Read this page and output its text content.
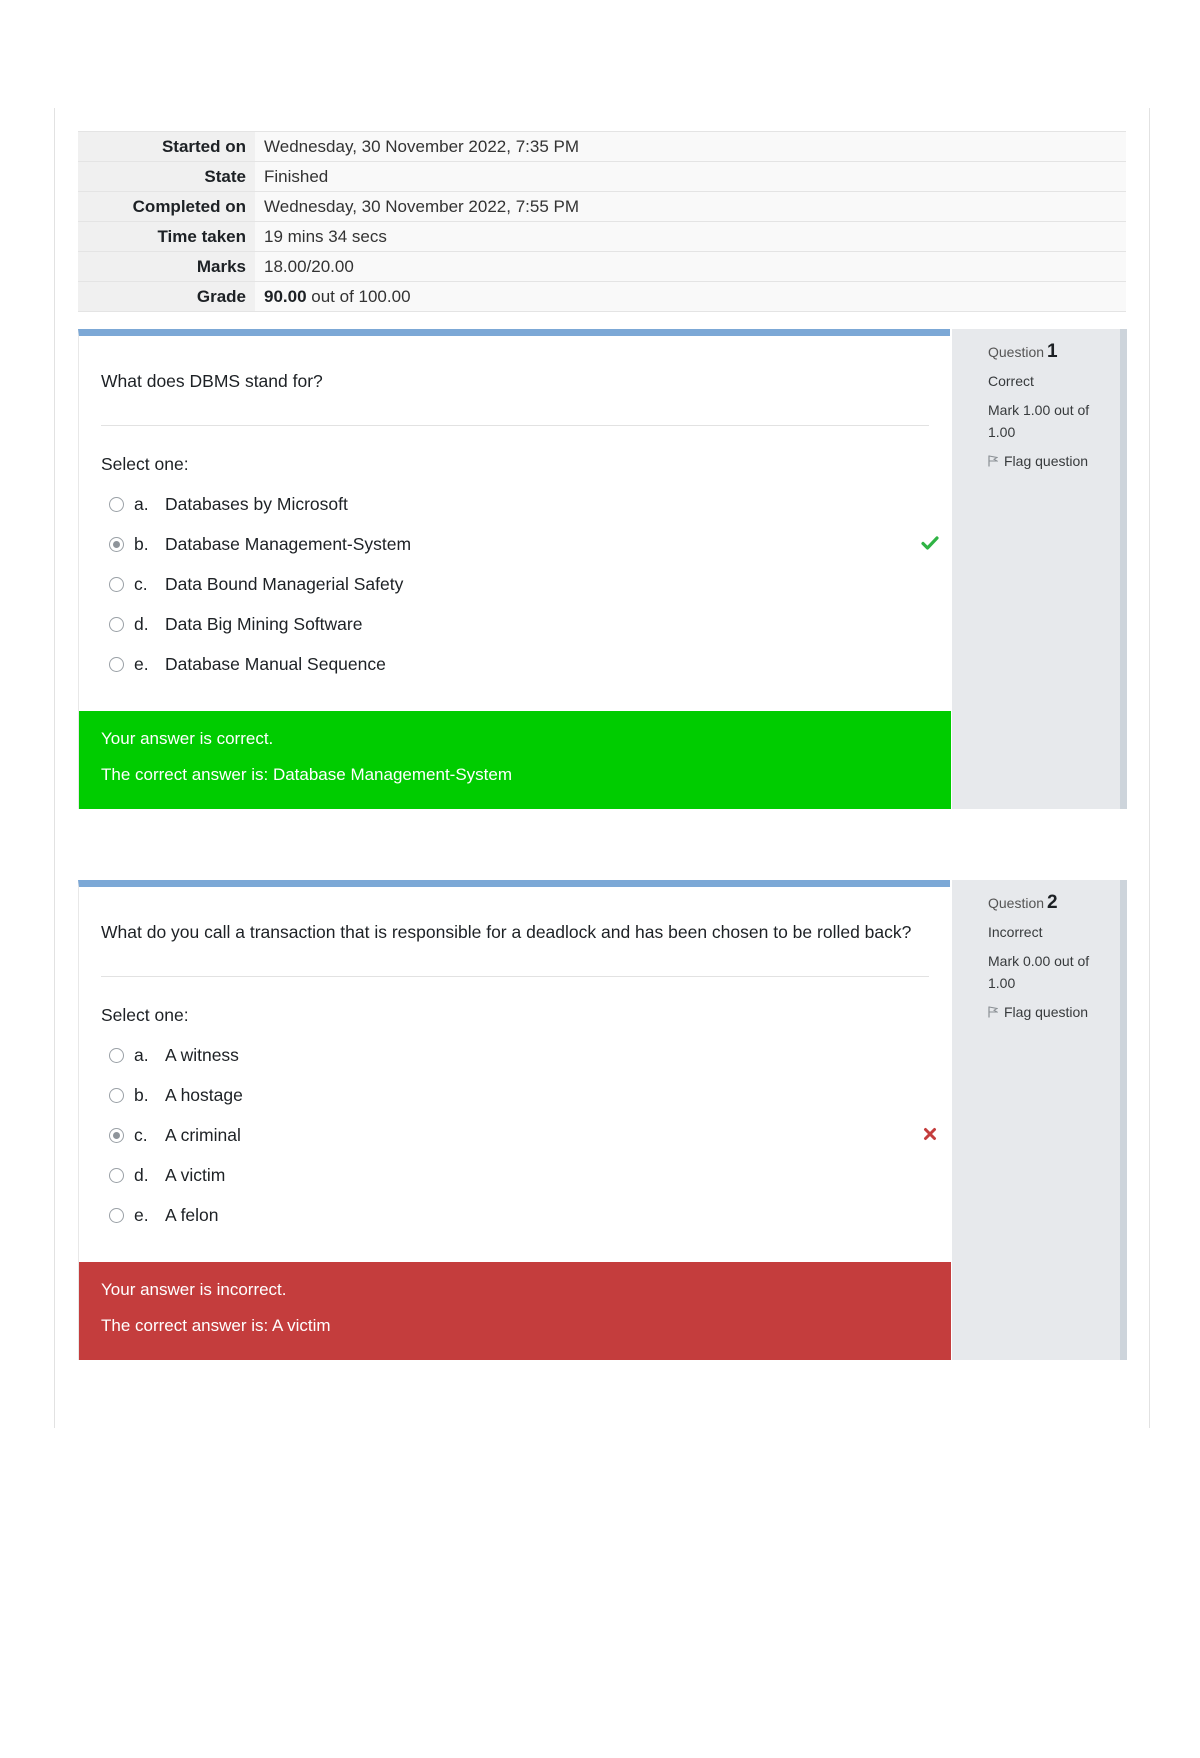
Started on	Wednesday, 30 November 2022, 7:35 PM
State	Finished
Completed on	Wednesday, 30 November 2022, 7:55 PM
Time taken	19 mins 34 secs
Marks	18.00/20.00
Grade	90.00 out of 100.00
What does DBMS stand for?
Select one:
a. Databases by Microsoft
b. Database Management-System
c. Data Bound Managerial Safety
d. Data Big Mining Software
e. Database Manual Sequence
Your answer is correct.
The correct answer is: Database Management-System
Question 1
Correct
Mark 1.00 out of 1.00
Flag question
What do you call a transaction that is responsible for a deadlock and has been chosen to be rolled back?
Select one:
a. A witness
b. A hostage
c. A criminal
d. A victim
e. A felon
Your answer is incorrect.
The correct answer is: A victim
Question 2
Incorrect
Mark 0.00 out of 1.00
Flag question
